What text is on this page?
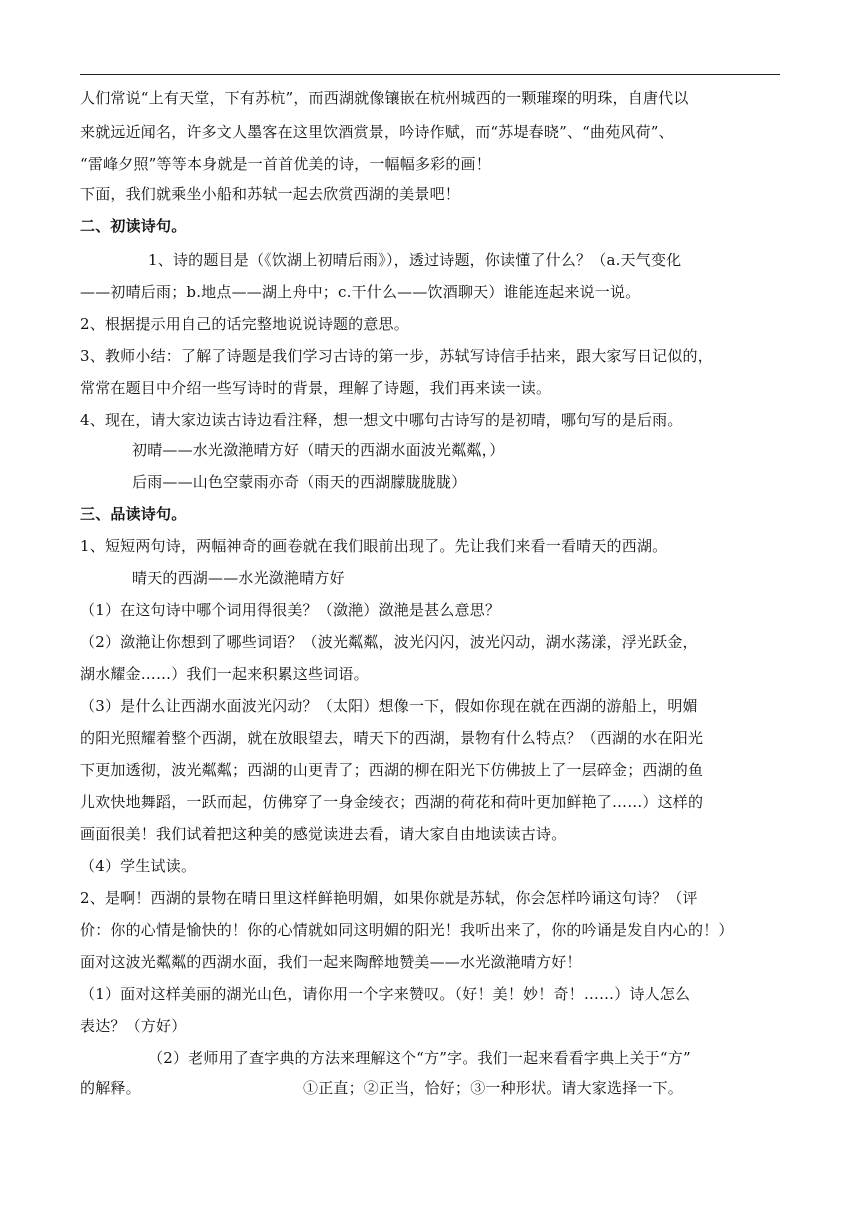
人们常说“上有天堂，下有苏杭”，而西湖就像镶嵌在杭州城西的一颗璀璨的明珠，自唐代以
来就远近闻名，许多文人墨客在这里饮酒赏景，吟诗作赋，而“苏堤春晓”、“曲苑风荷”、
“雷峰夕照”等等本身就是一首首优美的诗，一幅幅多彩的画！
下面，我们就乘坐小船和苏轼一起去欣赏西湖的美景吧！
二、初读诗句。
1、诗的题目是（《饮湖上初晴后雨》），透过诗题，你读懂了什么？（a.天气变化
——初晴后雨；b.地点——湖上舟中；c.干什么——饮酒聊天）谁能连起来说一说。
2、根据提示用自己的话完整地说说诗题的意思。
3、教师小结：了解了诗题是我们学习古诗的第一步，苏轼写诗信手拈来，跟大家写日记似的，
常常在题目中介绍一些写诗时的背景，理解了诗题，我们再来读一读。
4、现在，请大家边读古诗边看注释，想一想文中哪句古诗写的是初晴，哪句写的是后雨。
初晴——水光潋滟晴方好（晴天的西湖水面波光粼粼，）
后雨——山色空蒙雨亦奇（雨天的西湖朦胧胧胧）
三、品读诗句。
1、短短两句诗，两幅神奇的画卷就在我们眼前出现了。先让我们来看一看晴天的西湖。
晴天的西湖——水光潋滟晴方好
（1）在这句诗中哪个词用得很美？（潋滟）潋滟是甚么意思？
（2）潋滟让你想到了哪些词语？（波光粼粼，波光闪闪，波光闪动，湖水荡漾，浮光跃金，
湖水耀金……）我们一起来积累这些词语。
（3）是什么让西湖水面波光闪动？（太阳）想像一下，假如你现在就在西湖的游船上，明媚
的阳光照耀着整个西湖，就在放眼望去，晴天下的西湖，景物有什么特点？（西湖的水在阳光
下更加透彻，波光粼粼；西湖的山更青了；西湖的柳在阳光下仿佛披上了一层碎金；西湖的鱼
儿欢快地舞蹈，一跃而起，仿佛穿了一身金绫衣；西湖的荷花和荷叶更加鲜艳了……）这样的
画面很美！我们试着把这种美的感觉读进去看，请大家自由地读读古诗。
（4）学生试读。
2、是啊！西湖的景物在晴日里这样鲜艳明媚，如果你就是苏轼，你会怎样吟诵这句诗？（评
价：你的心情是愉快的！你的心情就如同这明媚的阳光！我听出来了，你的吟诵是发自内心的！）
面对这波光粼粼的西湖水面，我们一起来陶醉地赞美——水光潋滟晴方好！
（1）面对这样美丽的湖光山色，请你用一个字来赞叹。（好！美！妙！奇！……）诗人怎么
表达？（方好）
（2）老师用了查字典的方法来理解这个“方”字。我们一起来看看字典上关于“方”
的解释。	①正直；②正当，恰好；③一种形状。请大家选择一下。
